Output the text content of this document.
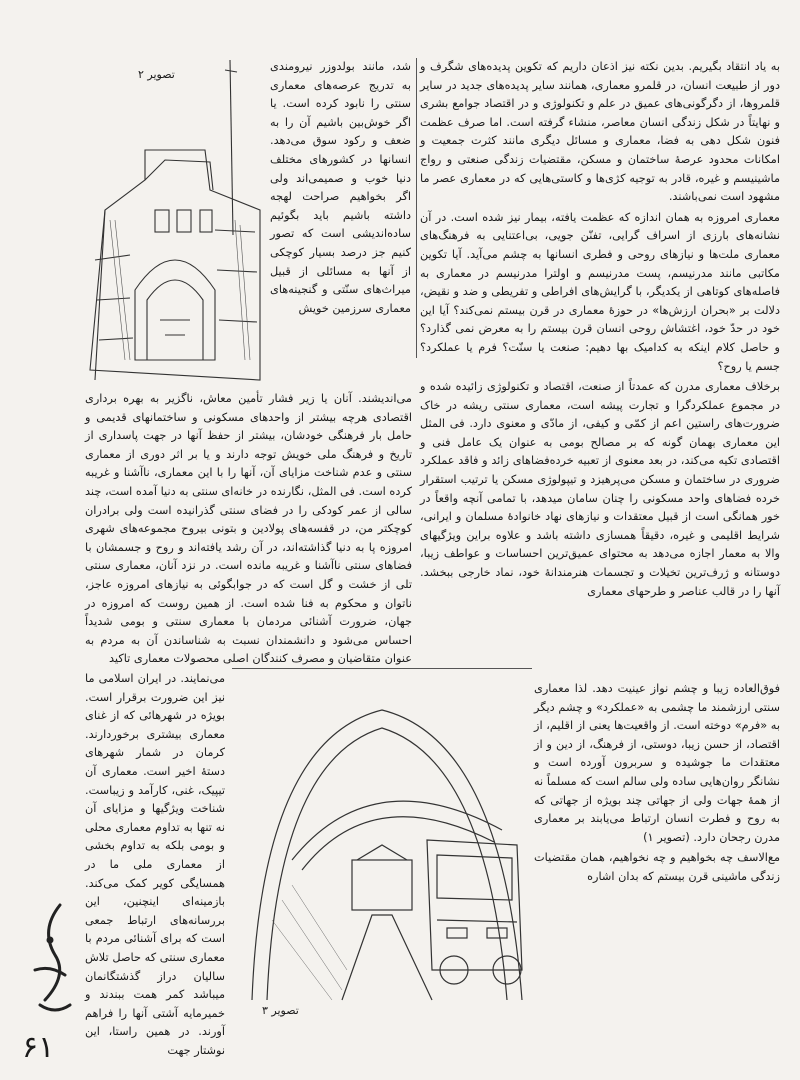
به یاد انتقاد بگیریم. بدین نکته نیز اذعان داریم که تکوین پدیده‌های شگرف و دور از طبیعت انسان، در قلمرو معماری، همانند سایر پدیده‌های جدید در سایر قلمروها، از دگرگونی‌های عمیق در علم و تکنولوژی و در اقتصاد جوامع بشری و نهایتاً در شکل زندگی انسان معاصر، منشاء گرفته است. اما صرف عظمت فنون شکل دهی به فضا، معماری و مسائل دیگری مانند کثرت جمعیت و امکانات محدود عرصهٔ ساختمان و مسکن، مقتضیات زندگی صنعتی و رواج ماشینیسم و غیره، قادر به توجیه کژی‌ها و کاستی‌هایی که در معماری عصر ما مشهود است نمی‌باشند.

معماری امروزه به همان اندازه که عظمت یافته، بیمار نیز شده است. در آن نشانه‌های بارزی از اسراف گرایی، تفنّن جویی، بی‌اعتنایی به فرهنگ‌های معماری ملت‌ها و نیازهای روحی و فطری انسانها به چشم می‌آید. آیا تکوین مکاتبی مانند مدرنیسم، پست مدرنیسم و اولترا مدرنیسم در معماری به فاصله‌های کوتاهی از یکدیگر، با گرایش‌های افراطی و تفریطی و ضد و نقیض، دلالت بر «بحران ارزش‌ها» در حوزهٔ معماری در قرن بیستم نمی‌کند؟ آیا این خود در حدّ خود، اغتشاش روحی انسان قرن بیستم را به معرض نمی گذارد؟ و حاصل کلام اینکه به کدامیک بها دهیم: صنعت یا سنّت؟ فرم یا عملکرد؟ جسم یا روح؟

برخلاف معماری مدرن که عمدتاً از صنعت، اقتصاد و تکنولوژی زائیده شده و در مجموع عملکردگرا و تجارت پیشه است، معماری سنتی ریشه در خاک ضرورت‌های راستین اعم از کمّی و کیفی، از مادّی و معنوی دارد. فی المثل این معماری بهمان گونه که بر مصالح بومی به عنوان یک عامل فنی و اقتصادی تکیه می‌کند، در بعد معنوی از تعبیه خرده‌فضاهای زائد و فاقد عملکرد ضروری در ساختمان و مسکن می‌پرهیزد و تیپولوژی مسکن یا ترتیب استقرار خرده فضاهای واحد مسکونی را چنان سامان میدهد، با تمامی آنچه واقعاً در خور همانگی است از قبیل معتقدات و نیازهای نهاد خانوادهٔ مسلمان و ایرانی، شرایط اقلیمی و غیره، دقیقاً همسازی داشته باشد و علاوه براین ویژگیهای والا به معمار اجازه می‌دهد به محتوای عمیق‌ترین احساسات و عواطف زیبا، دوستانه و ژرف‌ترین تخیلات و تجسمات هنرمندانهٔ خود، نماد خارجی ببخشد. آنها را در قالب عناصر و طرحهای معماری

فوق‌العاده زیبا و چشم نواز عینیت دهد. لذا معماری سنتی ارزشمند ما چشمی به «عملکرد» و چشم دیگر به «فرم» دوخته است. از واقعیت‌ها یعنی از اقلیم، از اقتصاد، از حسن زیبا، دوستی، از فرهنگ، از دین و از معتقدات ما جوشیده و سربرون آورده است و نشانگر روان‌هایی ساده ولی سالم است که مسلماً نه از همهٔ جهات ولی از جهاتی چند بویژه از جهاتی که به روح و فطرت انسان ارتباط می‌یابند بر معماری مدرن رجحان دارد. (تصویر ۱)

مع‌الاسف چه بخواهیم و چه نخواهیم، همان مقتضیات زندگی ماشینی قرن بیستم که بدان اشاره

شد، مانند بولدوزر نیرومندی به تدریج عرصه‌های معماری سنتی را نابود کرده است. یا اگر خوش‌بین باشیم آن را به ضعف و رکود سوق می‌دهد. انسانها در کشورهای مختلف دنیا خوب و صمیمی‌اند ولی اگر بخواهیم صراحت لهجه داشته باشیم باید بگوئیم ساده‌اندیشی است که تصور کنیم جز درصد بسیار کوچکی از آنها به مسائلی از قبیل میراث‌های سنّتی و گنجینه‌های معماری سرزمین خویش

می‌اندیشند. آنان یا زیر فشار تأمین معاش، ناگزیر به بهره برداری اقتصادی هرچه بیشتر از واحدهای مسکونی و ساختمانهای قدیمی و حامل بار فرهنگی خودشان، بیشتر از حفظ آنها در جهت پاسداری از تاریخ و فرهنگ ملی خویش توجه دارند و یا بر اثر دوری از معماری سنتی و عدم شناخت مزایای آن، آنها را با این معماری، ناآشنا و غریبه کرده است. فی المثل، نگارنده در خانه‌ای سنتی به دنیا آمده است، چند سالی از عمر کودکی را در فضای سنتی گذرانیده است ولی برادران کوچکتر من، در قفسه‌های پولادین و بتونی بیروح مجموعه‌های شهری امروزه پا به دنیا گذاشته‌اند، در آن رشد یافته‌اند و روح و جسمشان با فضاهای سنتی ناآشنا و غریبه مانده است. در نزد آنان، معماری سنتی تلی از خشت و گل است که در جوابگوئی به نیازهای امروزه عاجز، ناتوان و محکوم به فنا شده است. از همین روست که امروزه در جهان، ضرورت آشنائی مردمان با معماری سنتی و بومی شدیداً احساس می‌شود و دانشمندان نسبت به شناساندن آن به مردم به عنوان متقاضیان و مصرف کنندگان اصلی محصولات معماری تاکید

می‌نمایند. در ایران اسلامی ما نیز این ضرورت برقرار است. بویژه در شهرهائی که از غنای معماری بیشتری برخوردارند. کرمان در شمار شهرهای دستهٔ اخیر است. معماری آن تیپیک، غنی، کارآمد و زیباست. شناخت ویژگیها و مزایای آن نه تنها به تداوم معماری محلی و بومی بلکه به تداوم بخشی از معماری ملی ما در همسایگی کویر کمک می‌کند. بازمینه‌ای اینچنین، این بررسانه‌های ارتباط جمعی است که برای آشنائی مردم با معماری سنتی که حاصل تلاش سالیان دراز گذشتگانمان میباشد کمر همت ببندند و خمیرمایه آشتی آنها را فراهم آورند. در همین راستا، این نوشتار جهت

تصویر ۲
تصویر ۳
۶۱
